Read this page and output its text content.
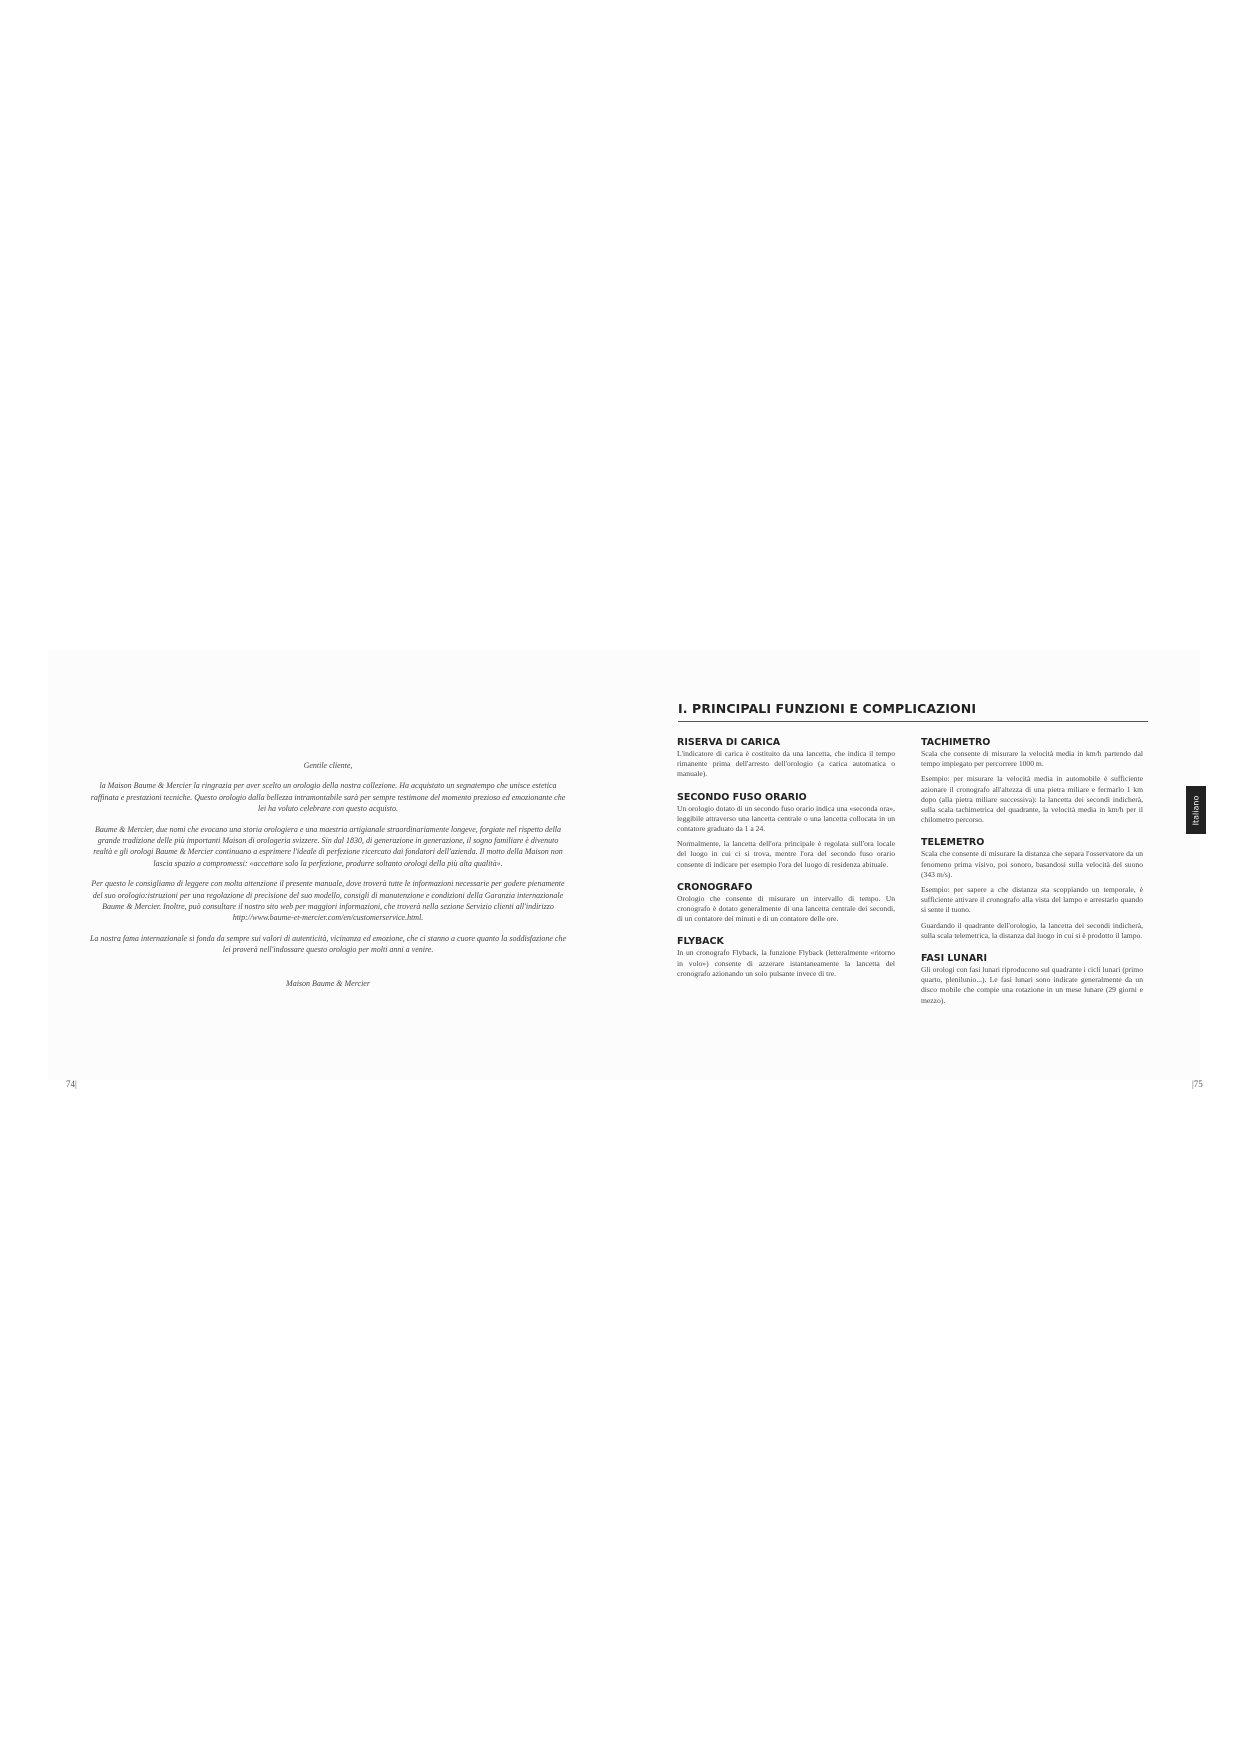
Gentile cliente,

la Maison Baume & Mercier la ringrazia per aver scelto un orologio della nostra collezione. Ha acquistato un segnatempo che unisce estetica raffinata e prestazioni tecniche. Questo orologio dalla bellezza intramontabile sarà per sempre testimone del momento prezioso ed emozionante che lei ha voluto celebrare con questo acquisto.

Baume & Mercier, due nomi che evocano una storia orologiera e una maestria artigianale straordinariamente longeve, forgiate nel rispetto della grande tradizione delle più importanti Maison di orologeria svizzere. Sin dal 1830, di generazione in generazione, il sogno familiare è divenuto realtà e gli orologi Baume & Mercier continuano a esprimere l'ideale di perfezione ricercato dai fondatori dell'azienda. Il motto della Maison non lascia spazio a compromessi: «accettare solo la perfezione, produrre soltanto orologi della più alta qualità».

Per questo le consigliamo di leggere con molta attenzione il presente manuale, dove troverà tutte le informazioni necessarie per godere pienamente del suo orologio:istruzioni per una regolazione di precisione del suo modello, consigli di manutenzione e condizioni della Garanzia internazionale Baume & Mercier. Inoltre, può consultare il nostro sito web per maggiori informazioni, che troverà nella sezione Servizio clienti all'indirizzo http://www.baume-et-mercier.com/en/customerservice.html.

La nostra fama internazionale si fonda da sempre sui valori di autenticità, vicinanza ed emozione, che ci stanno a cuore quanto la soddisfazione che lei proverà nell'indossare questo orologio per molti anni a venire.

Maison Baume & Mercier

74|
I. PRINCIPALI FUNZIONI E COMPLICAZIONI
RISERVA DI CARICA

L'indicatore di carica è costituito da una lancetta, che indica il tempo rimanente prima dell'arresto dell'orologio (a carica automatica o manuale).

SECONDO FUSO ORARIO

Un orologio dotato di un secondo fuso orario indica una «seconda ora», leggibile attraverso una lancetta centrale o una lancetta collocata in un contatore graduato da 1 a 24.

Normalmente, la lancetta dell'ora principale è regolata sull'ora locale del luogo in cui ci si trova, mentre l'ora del secondo fuso orario consente di indicare per esempio l'ora del luogo di residenza abituale.

CRONOGRAFO

Orologio che consente di misurare un intervallo di tempo. Un cronografo è dotato generalmente di una lancetta centrale dei secondi, di un contatore dei minuti e di un contatore delle ore.

FLYBACK

In un cronografo Flyback, la funzione Flyback (letteralmente «ritorno in volo») consente di azzerare istantaneamente la lancetta del cronografo azionando un solo pulsante invece di tre.

TACHIMETRO

Scala che consente di misurare la velocità media in km/h partendo dal tempo impiegato per percorrere 1000 m.

Esempio: per misurare la velocità media in automobile è sufficiente azionare il cronografo all'altezza di una pietra miliare e fermarlo 1 km dopo (alla pietra miliare successiva): la lancetta dei secondi indicherà, sulla scala tachimetrica del quadrante, la velocità media in km/h per il chilometro percorso.

TELEMETRO

Scala che consente di misurare la distanza che separa l'osservatore da un fenomeno prima visivo, poi sonoro, basandosi sulla velocità del suono (343 m/s).

Esempio: per sapere a che distanza sta scoppiando un temporale, è sufficiente attivare il cronografo alla vista del lampo e arrestarlo quando si sente il tuono.

Guardando il quadrante dell'orologio, la lancetta dei secondi indicherà, sulla scala telemetrica, la distanza dal luogo in cui si è prodotto il lampo.

FASI LUNARI

Gli orologi con fasi lunari riproducono sul quadrante i cicli lunari (primo quarto, plenilunio...). Le fasi lunari sono indicate generalmente da un disco mobile che compie una rotazione in un mese lunare (29 giorni e mezzo).

Italiano
|75
